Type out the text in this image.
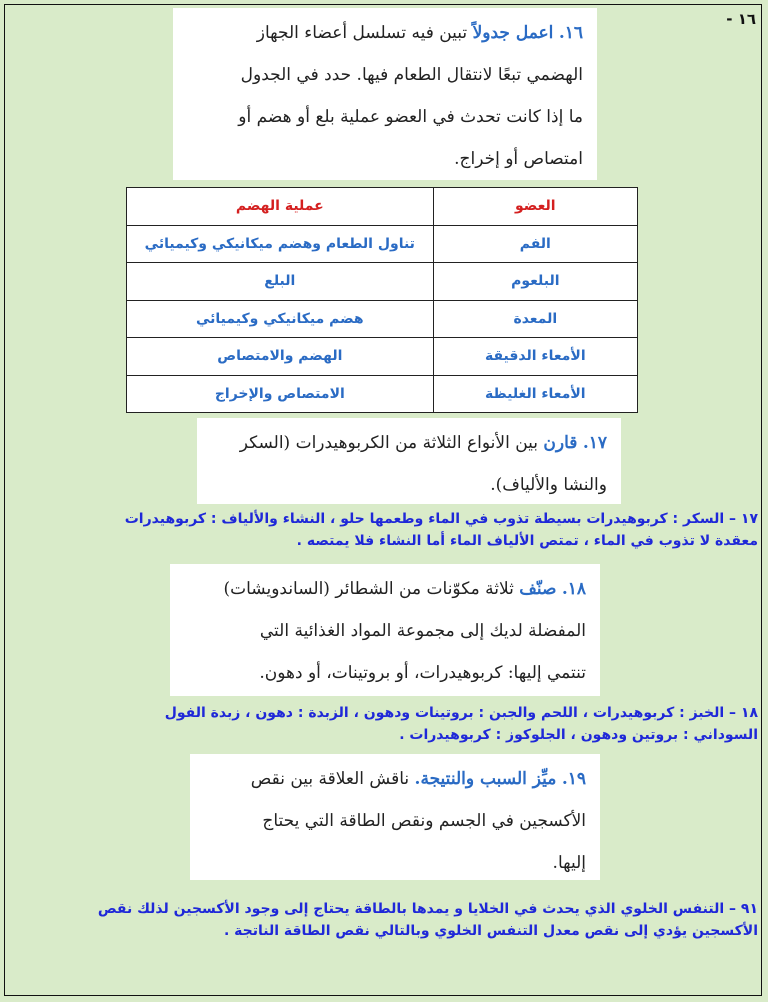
١٦ -
١٦. اعمل جدولاً تبين فيه تسلسل أعضاء الجهاز
الهضمي تبعًا لانتقال الطعام فيها. حدد في الجدول
ما إذا كانت تحدث في العضو عملية بلع أو هضم أو
امتصاص أو إخراج.
العضو	عملية الهضم
الفم	تناول الطعام وهضم ميكانيكي وكيميائي
البلعوم	البلع
المعدة	هضم ميكانيكي وكيميائي
الأمعاء الدقيقة	الهضم والامتصاص
الأمعاء الغليظة	الامتصاص والإخراج
١٧. قارن بين الأنواع الثلاثة من الكربوهيدرات (السكر
والنشا والألياف).
١٧ – السكر : كربوهيدرات بسيطة تذوب في الماء وطعمها حلو ، النشاء والألياف : كربوهيدرات
معقدة لا تذوب في الماء ، تمتص الألياف الماء أما النشاء فلا يمتصه .
١٨. صنّف ثلاثة مكوّنات من الشطائر (الساندويشات)
المفضلة لديك إلى مجموعة المواد الغذائية التي
تنتمي إليها: كربوهيدرات، أو بروتينات، أو دهون.
١٨ – الخبز : كربوهيدرات ، اللحم والجبن : بروتينات ودهون ، الزبدة : دهون ، زبدة الفول
السوداني : بروتين ودهون ، الجلوكوز : كربوهيدرات .
١٩. ميِّز السبب والنتيجة. ناقش العلاقة بين نقص
الأكسجين في الجسم ونقص الطاقة التي يحتاج
إليها.
٩١ – التنفس الخلوي الذي يحدث في الخلايا و يمدها بالطاقة يحتاج إلى وجود الأكسجين لذلك نقص
الأكسجين يؤدي إلى نقص معدل التنفس الخلوي وبالتالي نقص الطاقة الناتجة .
